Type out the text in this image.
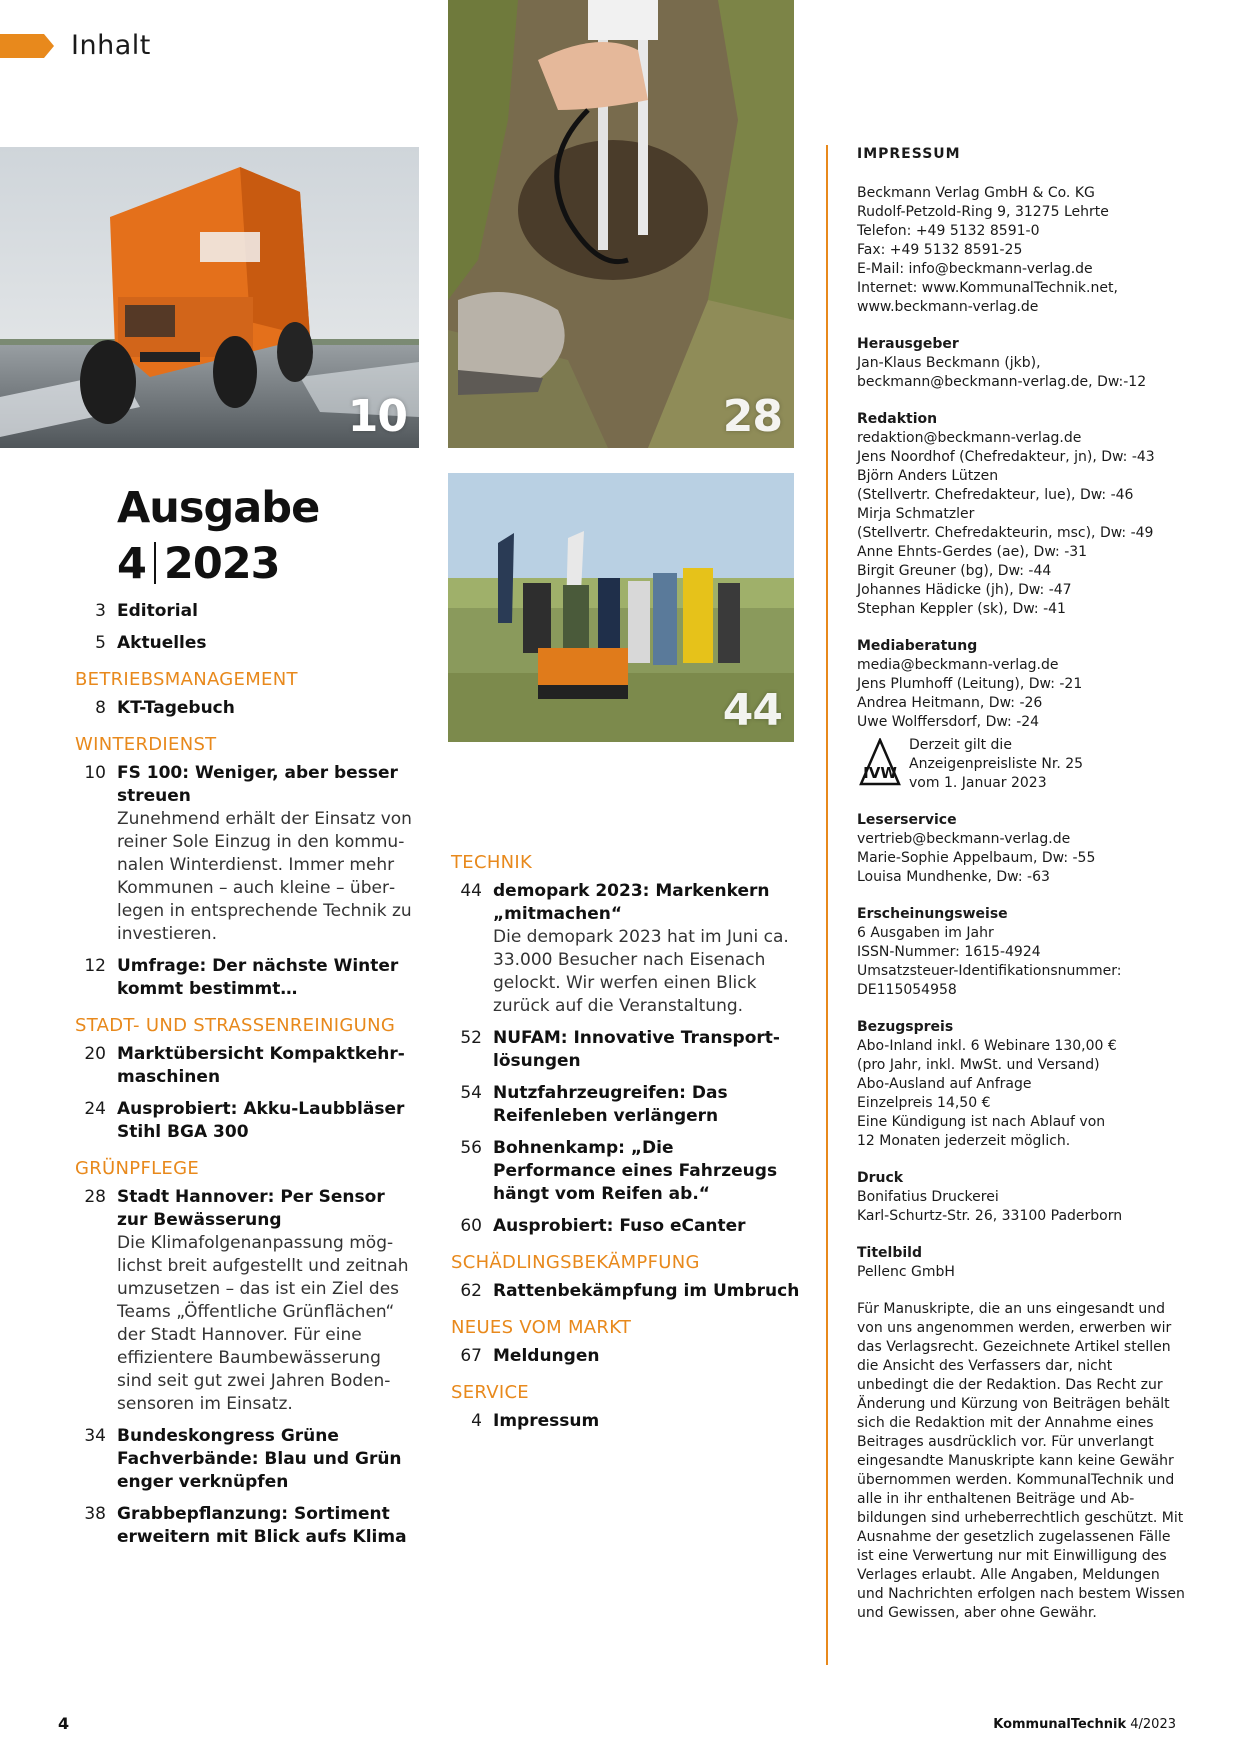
Inhalt
10	28
44
Ausgabe
4 2023
3 Editorial
5 Aktuelles
BETRIEBSMANAGEMENT
8 KT-Tagebuch
WINTERDIENST
10 FS 100: Weniger, aber besser streuen
Zunehmend erhält der Einsatz von reiner Sole Einzug in den kommunalen Winterdienst. Immer mehr Kommunen – auch kleine – überlegen in entsprechende Technik zu investieren.
12 Umfrage: Der nächste Winter kommt bestimmt…
STADT- UND STRASSENREINIGUNG
20 Marktübersicht Kompaktkehrmaschinen
24 Ausprobiert: Akku-Laubbläser Stihl BGA 300
GRÜNPFLEGE
28 Stadt Hannover: Per Sensor zur Bewässerung
Die Klimafolgenanpassung möglichst breit aufgestellt und zeitnah umzusetzen – das ist ein Ziel des Teams „Öffentliche Grünflächen“ der Stadt Hannover. Für eine effizientere Baumbewässerung sind seit gut zwei Jahren Bodensensoren im Einsatz.
34 Bundeskongress Grüne Fachverbände: Blau und Grün enger verknüpfen
38 Grabbepflanzung: Sortiment erweitern mit Blick aufs Klima
TECHNIK
44 demopark 2023: Markenkern „mitmachen“
Die demopark 2023 hat im Juni ca. 33.000 Besucher nach Eisenach gelockt. Wir werfen einen Blick zurück auf die Veranstaltung.
52 NUFAM: Innovative Transportlösungen
54 Nutzfahrzeugreifen: Das Reifenleben verlängern
56 Bohnenkamp: „Die Performance eines Fahrzeugs hängt vom Reifen ab.“
60 Ausprobiert: Fuso eCanter
SCHÄDLINGSBEKÄMPFUNG
62 Rattenbekämpfung im Umbruch
NEUES VOM MARKT
67 Meldungen
SERVICE
4 Impressum
IMPRESSUM
Beckmann Verlag GmbH & Co. KG
Rudolf-Petzold-Ring 9, 31275 Lehrte
Telefon: +49 5132 8591-0
Fax: +49 5132 8591-25
E-Mail: info@beckmann-verlag.de
Internet: www.KommunalTechnik.net,
www.beckmann-verlag.de
Herausgeber
Jan-Klaus Beckmann (jkb),
beckmann@beckmann-verlag.de, Dw:-12
Redaktion
redaktion@beckmann-verlag.de
Jens Noordhof (Chefredakteur, jn), Dw: -43
Björn Anders Lützen
(Stellvertr. Chefredakteur, lue), Dw: -46
Mirja Schmatzler
(Stellvertr. Chefredakteurin, msc), Dw: -49
Anne Ehnts-Gerdes (ae), Dw: -31
Birgit Greuner (bg), Dw: -44
Johannes Hädicke (jh), Dw: -47
Stephan Keppler (sk), Dw: -41
Mediaberatung
media@beckmann-verlag.de
Jens Plumhoff (Leitung), Dw: -21
Andrea Heitmann, Dw: -26
Uwe Wolffersdorf, Dw: -24
IVW
Derzeit gilt die
Anzeigenpreisliste Nr. 25
vom 1. Januar 2023
Leserservice
vertrieb@beckmann-verlag.de
Marie-Sophie Appelbaum, Dw: -55
Louisa Mundhenke, Dw: -63
Erscheinungsweise
6 Ausgaben im Jahr
ISSN-Nummer: 1615-4924
Umsatzsteuer-Identifikationsnummer:
DE115054958
Bezugspreis
Abo-Inland inkl. 6 Webinare 130,00 €
(pro Jahr, inkl. MwSt. und Versand)
Abo-Ausland auf Anfrage
Einzelpreis 14,50 €
Eine Kündigung ist nach Ablauf von
12 Monaten jederzeit möglich.
Druck
Bonifatius Druckerei
Karl-Schurtz-Str. 26, 33100 Paderborn
Titelbild
Pellenc GmbH
Für Manuskripte, die an uns eingesandt und von uns angenommen werden, erwerben wir das Verlagsrecht. Gezeichnete Artikel stellen die Ansicht des Verfassers dar, nicht unbedingt die der Redaktion. Das Recht zur Änderung und Kürzung von Beiträgen behält sich die Redaktion mit der Annahme eines Beitrages ausdrücklich vor. Für unverlangt eingesandte Manuskripte kann keine Gewähr übernommen werden. KommunalTechnik und alle in ihr enthaltenen Beiträge und Abbildungen sind urheberrechtlich geschützt. Mit Ausnahme der gesetzlich zugelassenen Fälle ist eine Verwertung nur mit Einwilligung des Verlages erlaubt. Alle Angaben, Meldungen und Nachrichten erfolgen nach bestem Wissen und Gewissen, aber ohne Gewähr.
4	KommunalTechnik 4/2023
